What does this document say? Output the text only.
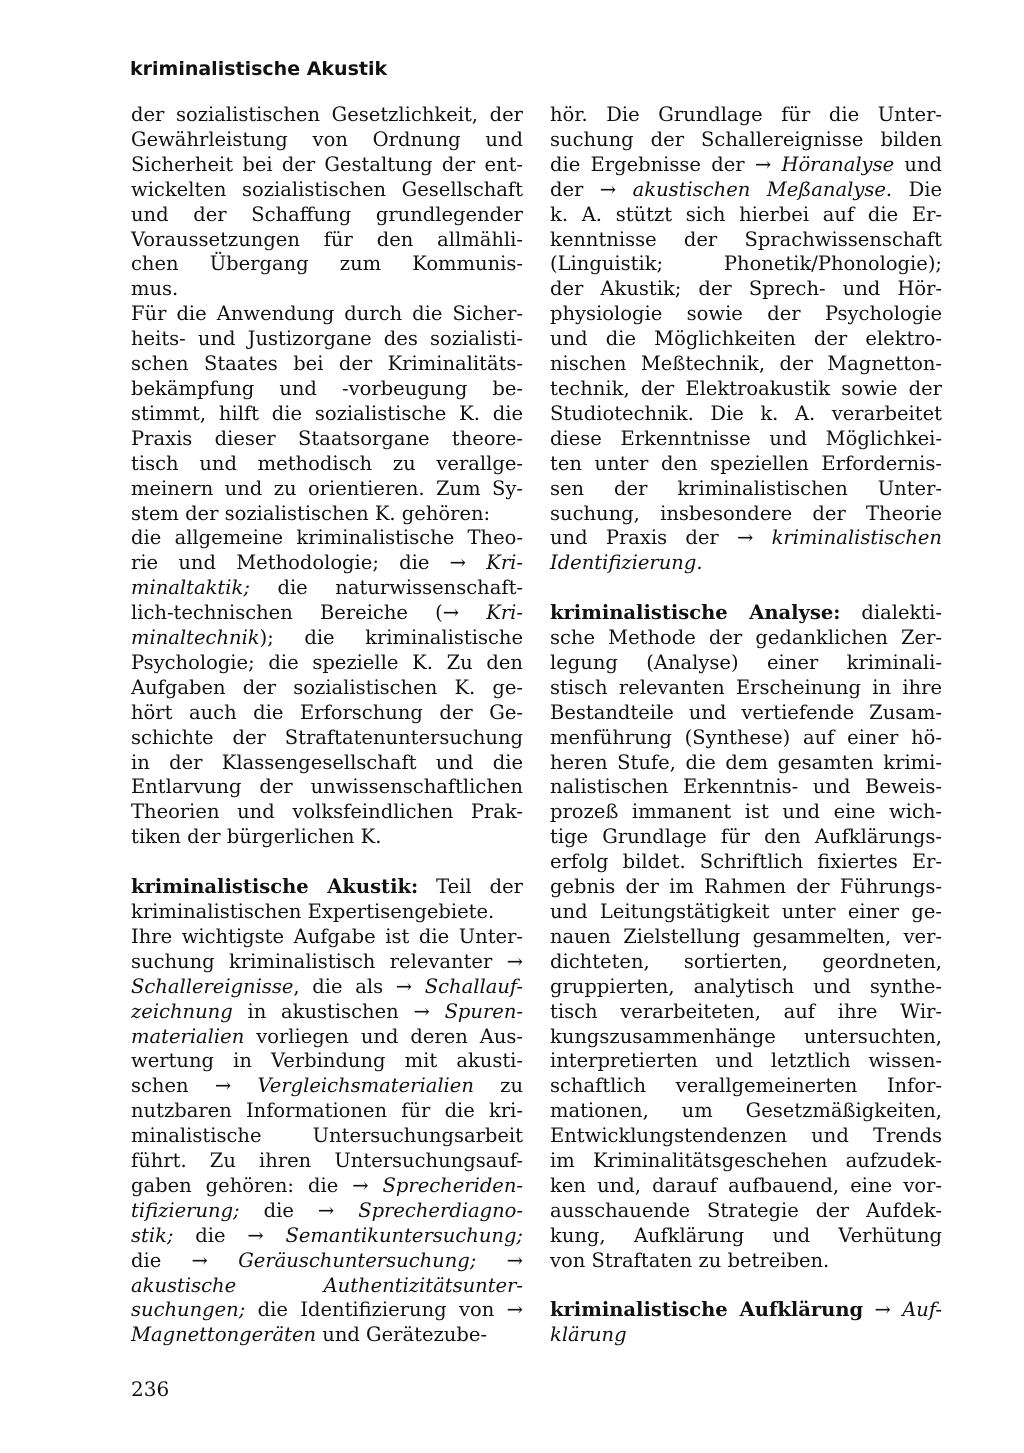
kriminalistische Akustik
der sozialistischen Gesetzlichkeit, der
Gewährleistung von Ordnung und
Sicherheit bei der Gestaltung der ent-
wickelten sozialistischen Gesellschaft
und der Schaffung grundlegender
Voraussetzungen für den allmähli-
chen Übergang zum Kommunis-
mus.
Für die Anwendung durch die Sicher-
heits- und Justizorgane des sozialisti-
schen Staates bei der Kriminalitäts-
bekämpfung und -vorbeugung be-
stimmt, hilft die sozialistische K. die
Praxis dieser Staatsorgane theore-
tisch und methodisch zu verallge-
meinern und zu orientieren. Zum Sy-
stem der sozialistischen K. gehören:
die allgemeine kriminalistische Theo-
rie und Methodologie; die → Kri-
minaltaktik; die naturwissenschaft-
lich-technischen Bereiche (→ Kri-
minaltechnik); die kriminalistische
Psychologie; die spezielle K. Zu den
Aufgaben der sozialistischen K. ge-
hört auch die Erforschung der Ge-
schichte der Straftatenuntersuchung
in der Klassengesellschaft und die
Entlarvung der unwissenschaftlichen
Theorien und volksfeindlichen Prak-
tiken der bürgerlichen K.
kriminalistische Akustik: Teil der
kriminalistischen Expertisengebiete.
Ihre wichtigste Aufgabe ist die Unter-
suchung kriminalistisch relevanter →
Schallereignisse, die als → Schallauf-
zeichnung in akustischen → Spuren-
materialien vorliegen und deren Aus-
wertung in Verbindung mit akusti-
schen → Vergleichsmaterialien zu
nutzbaren Informationen für die kri-
minalistische Untersuchungsarbeit
führt. Zu ihren Untersuchungsauf-
gaben gehören: die → Sprecheriden-
tifizierung; die → Sprecherdiagno-
stik; die → Semantikuntersuchung;
die → Geräuschuntersuchung; →
akustische Authentizitätsunter-
suchungen; die Identifizierung von →
Magnettongeräten und Gerätezube-
hör. Die Grundlage für die Unter-
suchung der Schallereignisse bilden
die Ergebnisse der → Höranalyse und
der → akustischen Meßanalyse. Die
k. A. stützt sich hierbei auf die Er-
kenntnisse der Sprachwissenschaft
(Linguistik; Phonetik/Phonologie);
der Akustik; der Sprech- und Hör-
physiologie sowie der Psychologie
und die Möglichkeiten der elektro-
nischen Meßtechnik, der Magnetton-
technik, der Elektroakustik sowie der
Studiotechnik. Die k. A. verarbeitet
diese Erkenntnisse und Möglichkei-
ten unter den speziellen Erfordernis-
sen der kriminalistischen Unter-
suchung, insbesondere der Theorie
und Praxis der → kriminalistischen
Identifizierung.
kriminalistische Analyse: dialekti-
sche Methode der gedanklichen Zer-
legung (Analyse) einer kriminali-
stisch relevanten Erscheinung in ihre
Bestandteile und vertiefende Zusam-
menführung (Synthese) auf einer hö-
heren Stufe, die dem gesamten krimi-
nalistischen Erkenntnis- und Beweis-
prozeß immanent ist und eine wich-
tige Grundlage für den Aufklärungs-
erfolg bildet. Schriftlich fixiertes Er-
gebnis der im Rahmen der Führungs-
und Leitungstätigkeit unter einer ge-
nauen Zielstellung gesammelten, ver-
dichteten, sortierten, geordneten,
gruppierten, analytisch und synthe-
tisch verarbeiteten, auf ihre Wir-
kungszusammenhänge untersuchten,
interpretierten und letztlich wissen-
schaftlich verallgemeinerten Infor-
mationen, um Gesetzmäßigkeiten,
Entwicklungstendenzen und Trends
im Kriminalitätsgeschehen aufzudek-
ken und, darauf aufbauend, eine vor-
ausschauende Strategie der Aufdek-
kung, Aufklärung und Verhütung
von Straftaten zu betreiben.
kriminalistische Aufklärung → Auf-
klärung
236
